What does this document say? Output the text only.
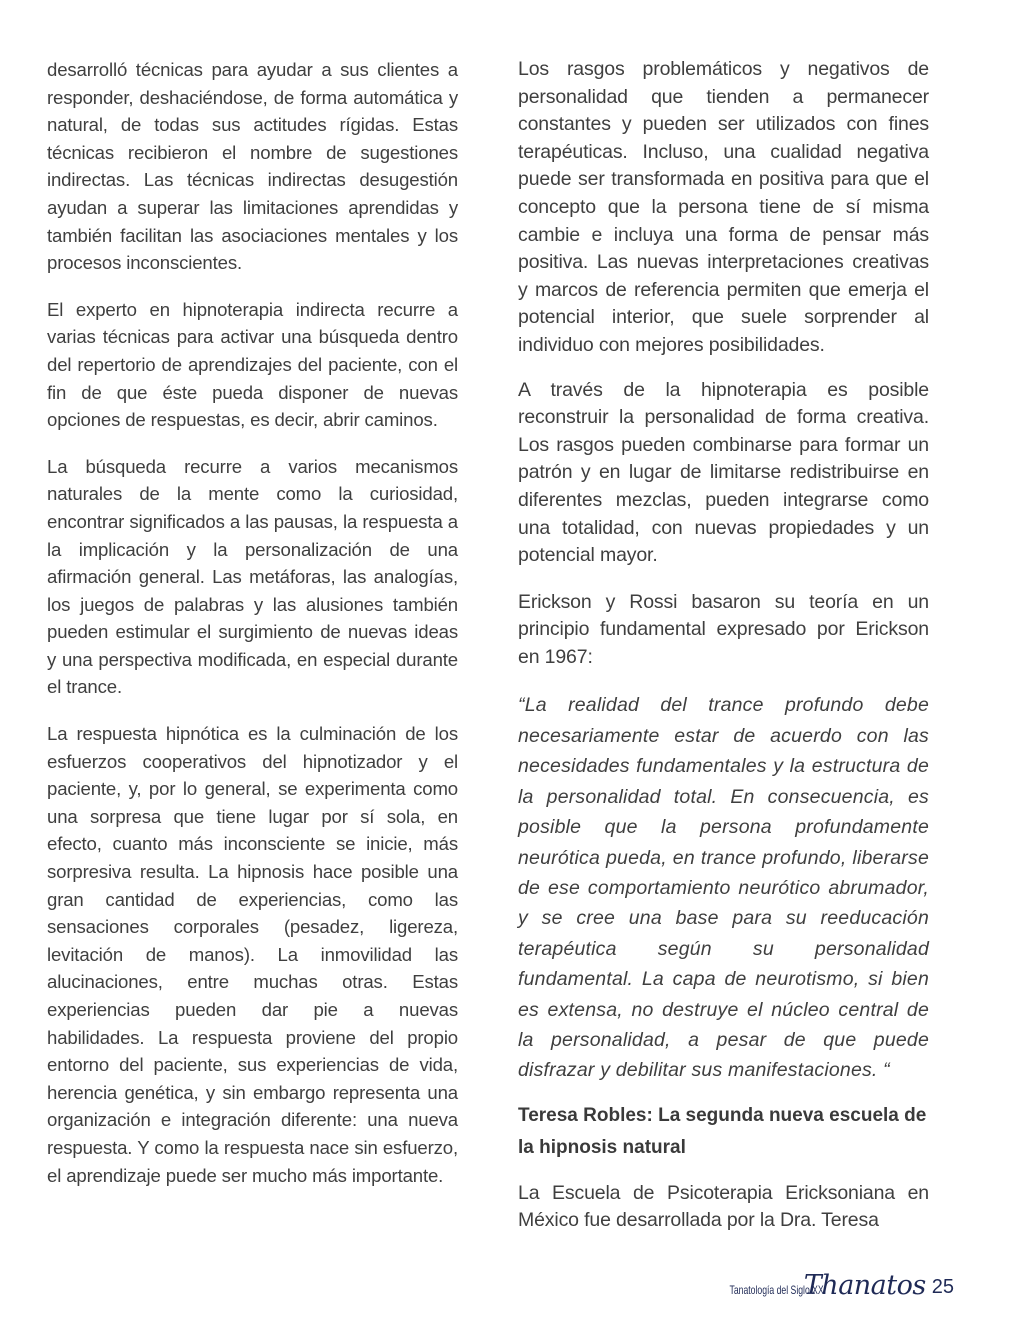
desarrolló técnicas para ayudar a sus clientes a responder, deshaciéndose, de forma automática y natural, de todas sus actitudes rígidas. Estas técnicas recibieron el nombre de sugestiones indirectas. Las técnicas indirectas desugestión ayudan a superar las limitaciones aprendidas y también facilitan las asociaciones mentales y los procesos inconscientes.

El experto en hipnoterapia indirecta recurre a varias técnicas para activar una búsqueda dentro del repertorio de aprendizajes del paciente, con el fin de que éste pueda disponer de nuevas opciones de respuestas, es decir, abrir caminos.

La búsqueda recurre a varios mecanismos naturales de la mente como la curiosidad, encontrar significados a las pausas, la respuesta a la implicación y la personalización de una afirmación general. Las metáforas, las analogías, los juegos de palabras y las alusiones también pueden estimular el surgimiento de nuevas ideas y una perspectiva modificada, en especial durante el trance.

La respuesta hipnótica es la culminación de los esfuerzos cooperativos del hipnotizador y el paciente, y, por lo general, se experimenta como una sorpresa que tiene lugar por sí sola, en efecto, cuanto más inconsciente se inicie, más sorpresiva resulta. La hipnosis hace posible una gran cantidad de experiencias, como las sensaciones corporales (pesadez, ligereza, levitación de manos). La inmovilidad las alucinaciones, entre muchas otras. Estas experiencias pueden dar pie a nuevas habilidades. La respuesta proviene del propio entorno del paciente, sus experiencias de vida, herencia genética, y sin embargo representa una organización e integración diferente: una nueva respuesta. Y como la respuesta nace sin esfuerzo, el aprendizaje puede ser mucho más importante.

Los rasgos problemáticos y negativos de personalidad que tienden a permanecer constantes y pueden ser utilizados con fines terapéuticas. Incluso, una cualidad negativa puede ser transformada en positiva para que el concepto que la persona tiene de sí misma cambie e incluya una forma de pensar más positiva. Las nuevas interpretaciones creativas y marcos de referencia permiten que emerja el potencial interior, que suele sorprender al individuo con mejores posibilidades.

A través de la hipnoterapia es posible reconstruir la personalidad de forma creativa. Los rasgos pueden combinarse para formar un patrón y en lugar de limitarse redistribuirse en diferentes mezclas, pueden integrarse como una totalidad, con nuevas propiedades y un potencial mayor.

Erickson y Rossi basaron su teoría en un principio fundamental expresado por Erickson en 1967:

“La realidad del trance profundo debe necesariamente estar de acuerdo con las necesidades fundamentales y la estructura de la personalidad total. En consecuencia, es posible que la persona profundamente neurótica pueda, en trance profundo, liberarse de ese comportamiento neurótico abrumador, y se cree una base para su reeducación terapéutica según su personalidad fundamental. La capa de neurotismo, si bien es extensa, no destruye el núcleo central de la personalidad, a pesar de que puede disfrazar y debilitar sus manifestaciones. “

Teresa Robles: La segunda nueva escuela de la hipnosis natural

La Escuela de Psicoterapia Ericksoniana en México fue desarrollada por la Dra. Teresa

Tanatología del Siglo XXI
Thanatos 25
